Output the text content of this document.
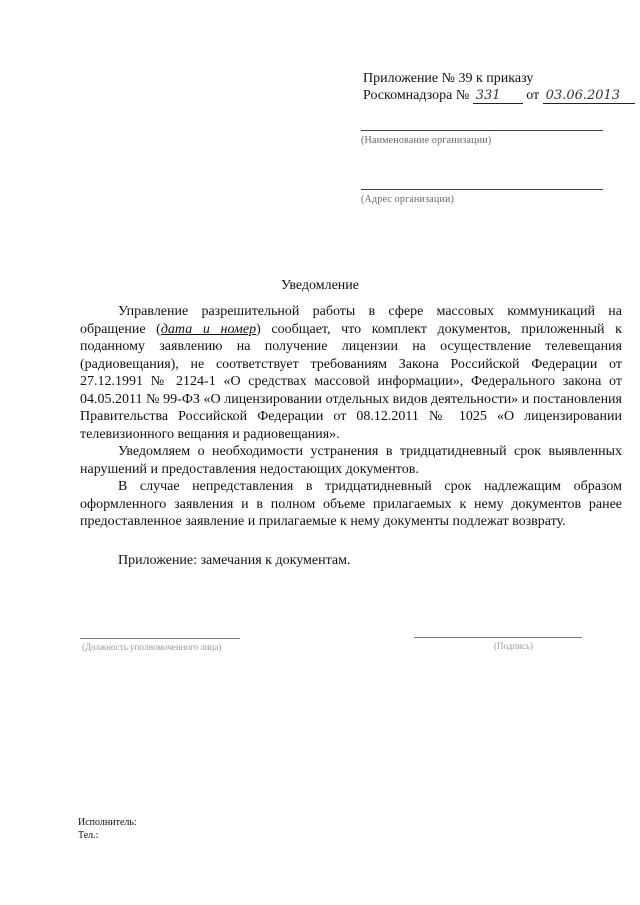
Приложение № 39 к приказу
Роскомнадзора № 331 от 03.06.2013
(Наименование организации)
(Адрес организации)
Уведомление

Управление разрешительной работы в сфере массовых коммуникаций на обращение (дата и номер) сообщает, что комплект документов, приложенный к поданному заявлению на получение лицензии на осуществление телевещания (радиовещания), не соответствует требованиям Закона Российской Федерации от 27.12.1991 № 2124-1 «О средствах массовой информации», Федерального закона от 04.05.2011 № 99-ФЗ «О лицензировании отдельных видов деятельности» и постановления Правительства Российской Федерации от 08.12.2011 № 1025 «О лицензировании телевизионного вещания и радиовещания».

Уведомляем о необходимости устранения в тридцатидневный срок выявленных нарушений и предоставления недостающих документов.

В случае непредставления в тридцатидневный срок надлежащим образом оформленного заявления и в полном объеме прилагаемых к нему документов ранее предоставленное заявление и прилагаемые к нему документы подлежат возврату.

Приложение: замечания к документам.
(Должность уполномоченного лица)	(Подпись)
Исполнитель:
Тел.:
